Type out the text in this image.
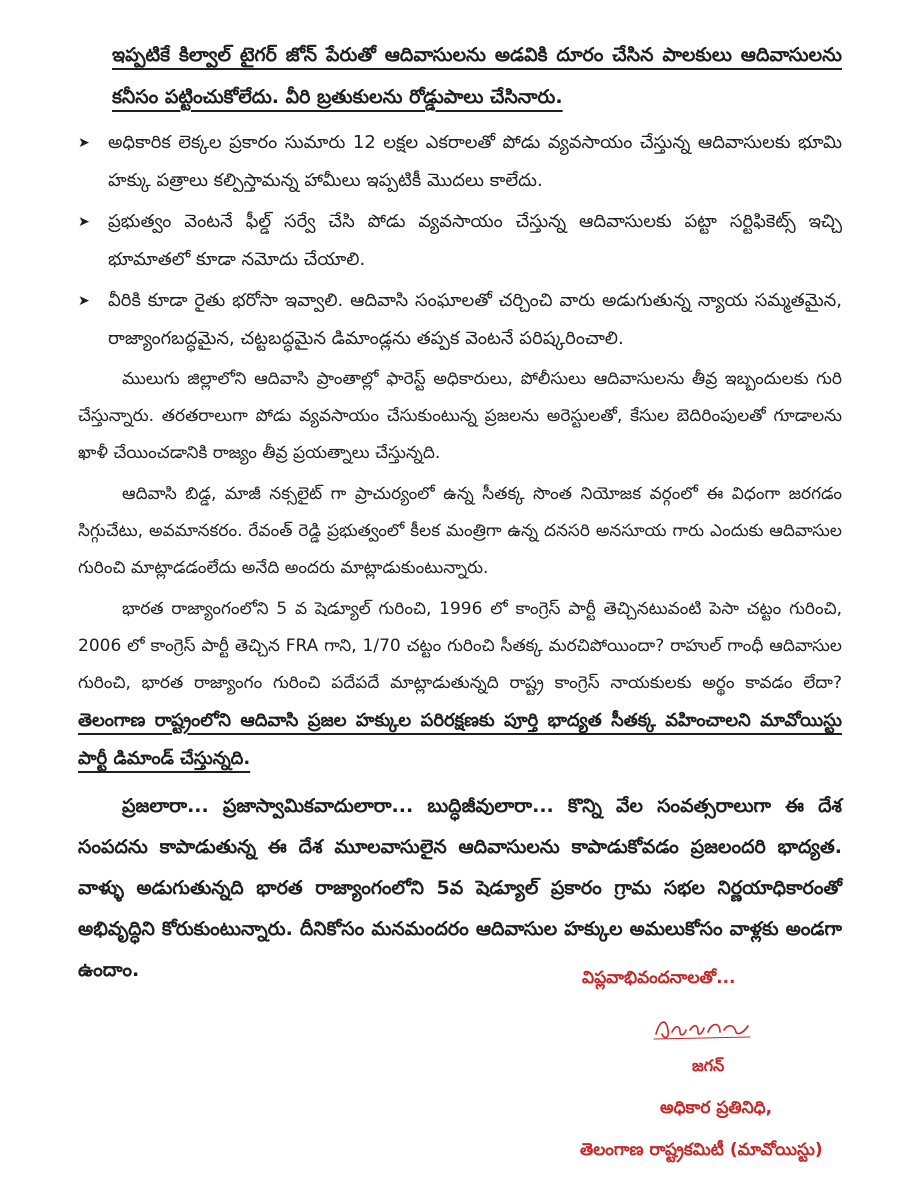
ఇప్పటికే కిల్వాల్ టైగర్ జోన్ పేరుతో ఆదివాసులను అడవికి దూరం చేసిన పాలకులు ఆదివాసులను కనీసం పట్టించుకోలేదు. వీరి బ్రతుకులను రోడ్డుపాలు చేసినారు.

➤	అధికారిక లెక్కల ప్రకారం సుమారు 12 లక్షల ఎకరాలతో పోడు వ్యవసాయం చేస్తున్న ఆదివాసులకు భూమి హక్కు పత్రాలు కల్పిస్తామన్న హామీలు ఇప్పటికీ మొదలు కాలేదు.
➤	ప్రభుత్వం వెంటనే ఫీల్డ్ సర్వే చేసి పోడు వ్యవసాయం చేస్తున్న ఆదివాసులకు పట్టా సర్టిఫికెట్స్ ఇచ్చి భూమాతలో కూడా నమోదు చేయాలి.
➤	వీరికి కూడా రైతు భరోసా ఇవ్వాలి. ఆదివాసి సంఘాలతో చర్చించి వారు అడుగుతున్న న్యాయ సమ్మతమైన, రాజ్యాంగబద్ధమైన, చట్టబద్ధమైన డిమాండ్లను తప్పక వెంటనే పరిష్కరించాలి.

ములుగు జిల్లాలోని ఆదివాసి ప్రాంతాల్లో ఫారెస్ట్ అధికారులు, పోలీసులు ఆదివాసులను తీవ్ర ఇబ్బందులకు గురి చేస్తున్నారు. తరతరాలుగా పోడు వ్యవసాయం చేసుకుంటున్న ప్రజలను అరెస్టులతో, కేసుల బెదిరింపులతో గూడాలను ఖాళీ చేయించడానికి రాజ్యం తీవ్ర ప్రయత్నాలు చేస్తున్నది.

ఆదివాసి బిడ్డ, మాజీ నక్సలైట్ గా ప్రాచుర్యంలో ఉన్న సీతక్క సొంత నియోజక వర్గంలో ఈ విధంగా జరగడం సిగ్గుచేటు, అవమానకరం. రేవంత్ రెడ్డి ప్రభుత్వంలో కీలక మంత్రిగా ఉన్న దనసరి అనసూయ గారు ఎందుకు ఆదివాసుల గురించి మాట్లాడడంలేదు అనేది అందరు మాట్లాడుకుంటున్నారు.

భారత రాజ్యాంగంలోని 5 వ షెడ్యూల్ గురించి, 1996 లో కాంగ్రెస్ పార్టీ తెచ్చినటువంటి పెసా చట్టం గురించి, 2006 లో కాంగ్రెస్ పార్టీ తెచ్చిన FRA గాని, 1/70 చట్టం గురించి సీతక్క మరచిపోయిందా? రాహుల్ గాంధీ ఆదివాసుల గురించి, భారత రాజ్యాంగం గురించి పదేపదే మాట్లాడుతున్నది రాష్ట్ర కాంగ్రెస్ నాయకులకు అర్థం కావడం లేదా? తెలంగాణ రాష్ట్రంలోని ఆదివాసి ప్రజల హక్కుల పరిరక్షణకు పూర్తి భాద్యత సీతక్క వహించాలని మావోయిస్టు పార్టీ డిమాండ్ చేస్తున్నది.

ప్రజలారా... ప్రజాస్వామికవాదులారా... బుద్ధిజీవులారా... కొన్ని వేల సంవత్సరాలుగా ఈ దేశ సంపదను కాపాడుతున్న ఈ దేశ మూలవాసులైన ఆదివాసులను కాపాడుకోవడం ప్రజలందరి భాద్యత. వాళ్ళు అడుగుతున్నది భారత రాజ్యాంగంలోని 5వ షెడ్యూల్ ప్రకారం గ్రామ సభల నిర్ణయాధికారంతో అభివృద్ధిని కోరుకుంటున్నారు. దీనికోసం మనమందరం ఆదివాసుల హక్కుల అమలుకోసం వాళ్లకు అండగా ఉందాం.	విప్లవాభివందనాలతో...
జగన్
అధికార ప్రతినిధి,
తెలంగాణ రాష్ట్రకమిటీ (మావోయిస్టు)
